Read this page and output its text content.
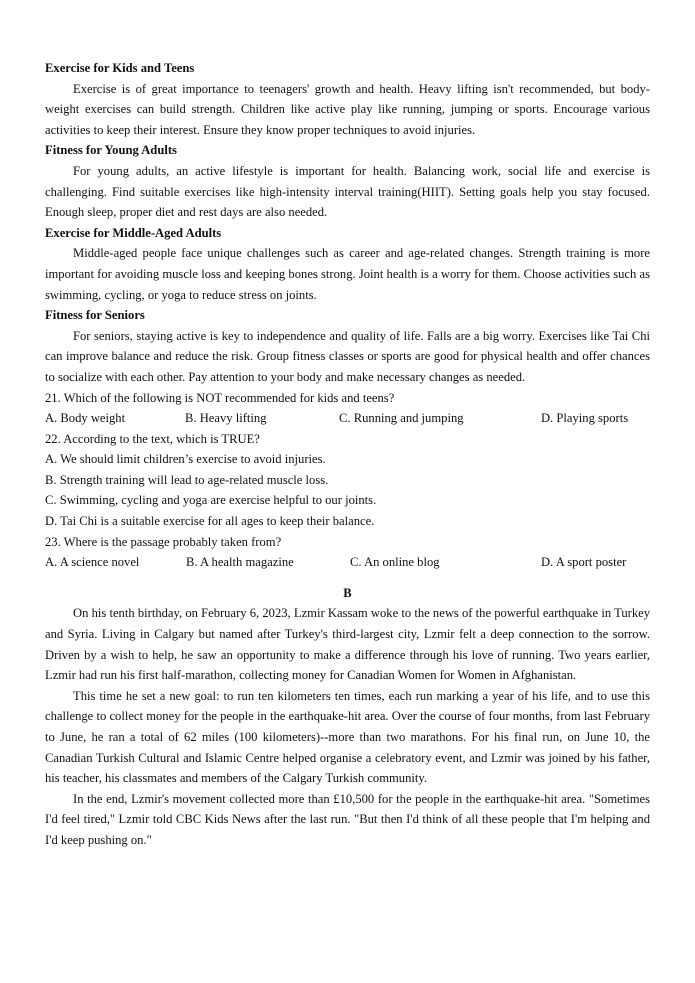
Exercise for Kids and Teens

Exercise is of great importance to teenagers' growth and health. Heavy lifting isn't recommended, but body-weight exercises can build strength. Children like active play like running, jumping or sports. Encourage various activities to keep their interest. Ensure they know proper techniques to avoid injuries.

Fitness for Young Adults

For young adults, an active lifestyle is important for health. Balancing work, social life and exercise is challenging. Find suitable exercises like high-intensity interval training(HIIT). Setting goals help you stay focused. Enough sleep, proper diet and rest days are also needed.

Exercise for Middle-Aged Adults

Middle-aged people face unique challenges such as career and age-related changes. Strength training is more important for avoiding muscle loss and keeping bones strong. Joint health is a worry for them. Choose activities such as swimming, cycling, or yoga to reduce stress on joints.

Fitness for Seniors

For seniors, staying active is key to independence and quality of life. Falls are a big worry. Exercises like Tai Chi can improve balance and reduce the risk. Group fitness classes or sports are good for physical health and offer chances to socialize with each other. Pay attention to your body and make necessary changes as needed.

21. Which of the following is NOT recommended for kids and teens?

A. Body weight	B. Heavy lifting	C. Running and jumping	D. Playing sports

22. According to the text, which is TRUE?

A. We should limit children’s exercise to avoid injuries.

B. Strength training will lead to age-related muscle loss.

C. Swimming, cycling and yoga are exercise helpful to our joints.

D. Tai Chi is a suitable exercise for all ages to keep their balance.

23. Where is the passage probably taken from?

A. A science novel	B. A health magazine	C. An online blog	D. A sport poster

B

On his tenth birthday, on February 6, 2023, Lzmir Kassam woke to the news of the powerful earthquake in Turkey and Syria. Living in Calgary but named after Turkey's third-largest city, Lzmir felt a deep connection to the sorrow. Driven by a wish to help, he saw an opportunity to make a difference through his love of running. Two years earlier, Lzmir had run his first half-marathon, collecting money for Canadian Women for Women in Afghanistan.

This time he set a new goal: to run ten kilometers ten times, each run marking a year of his life, and to use this challenge to collect money for the people in the earthquake-hit area. Over the course of four months, from last February to June, he ran a total of 62 miles (100 kilometers)--more than two marathons. For his final run, on June 10, the Canadian Turkish Cultural and Islamic Centre helped organise a celebratory event, and Lzmir was joined by his father, his teacher, his classmates and members of the Calgary Turkish community.

In the end, Lzmir's movement collected more than £10,500 for the people in the earthquake-hit area. "Sometimes I'd feel tired," Lzmir told CBC Kids News after the last run. "But then I'd think of all these people that I'm helping and I'd keep pushing on."
